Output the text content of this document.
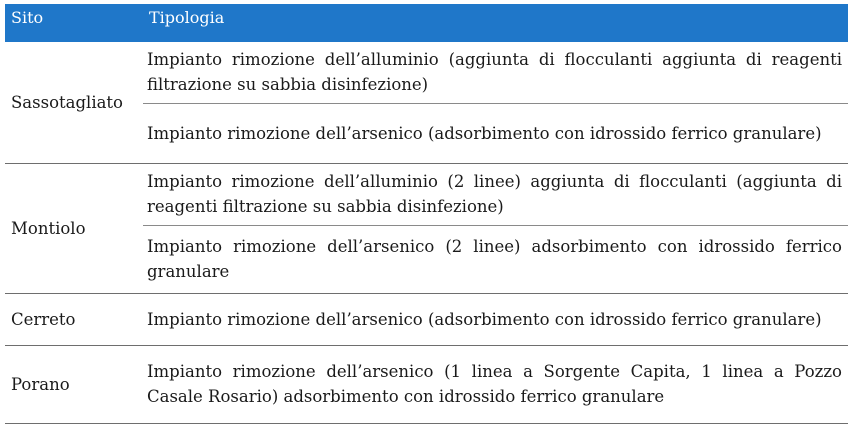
Sito	Tipologia
Sassotagliato	Impianto rimozione dell’alluminio (aggiunta di flocculanti aggiunta di reagenti filtrazione su sabbia disinfezione)
	Impianto rimozione dell’arsenico (adsorbimento con idrossido ferrico granulare)
Montiolo	Impianto rimozione dell’alluminio (2 linee) aggiunta di flocculanti (aggiunta di reagenti filtrazione su sabbia disinfezione)
	Impianto rimozione dell’arsenico (2 linee) adsorbimento con idrossido ferrico granulare
Cerreto	Impianto rimozione dell’arsenico (adsorbimento con idrossido ferrico granulare)
Porano	Impianto rimozione dell’arsenico (1 linea a Sorgente Capita, 1 linea a Pozzo Casale Rosario) adsorbimento con idrossido ferrico granulare
